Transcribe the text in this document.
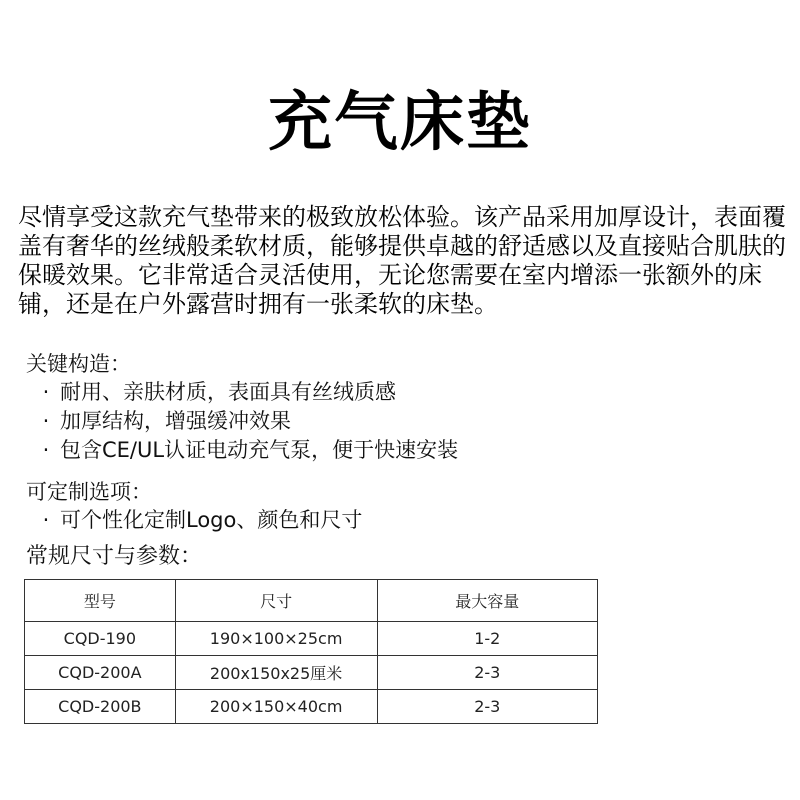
充气床垫

尽情享受这款充气垫带来的极致放松体验。该产品采用加厚设计，表面覆盖有奢华的丝绒般柔软材质，能够提供卓越的舒适感以及直接贴合肌肤的保暖效果。它非常适合灵活使用，无论您需要在室内增添一张额外的床铺，还是在户外露营时拥有一张柔软的床垫。

关键构造：
· 耐用、亲肤材质，表面具有丝绒质感
· 加厚结构，增强缓冲效果
· 包含CE/UL认证电动充气泵，便于快速安装
可定制选项：
· 可个性化定制Logo、颜色和尺寸
常规尺寸与参数：
型号	尺寸	最大容量
CQD-190	190×100×25cm	1-2
CQD-200A	200x150x25厘米	2-3
CQD-200B	200×150×40cm	2-3
